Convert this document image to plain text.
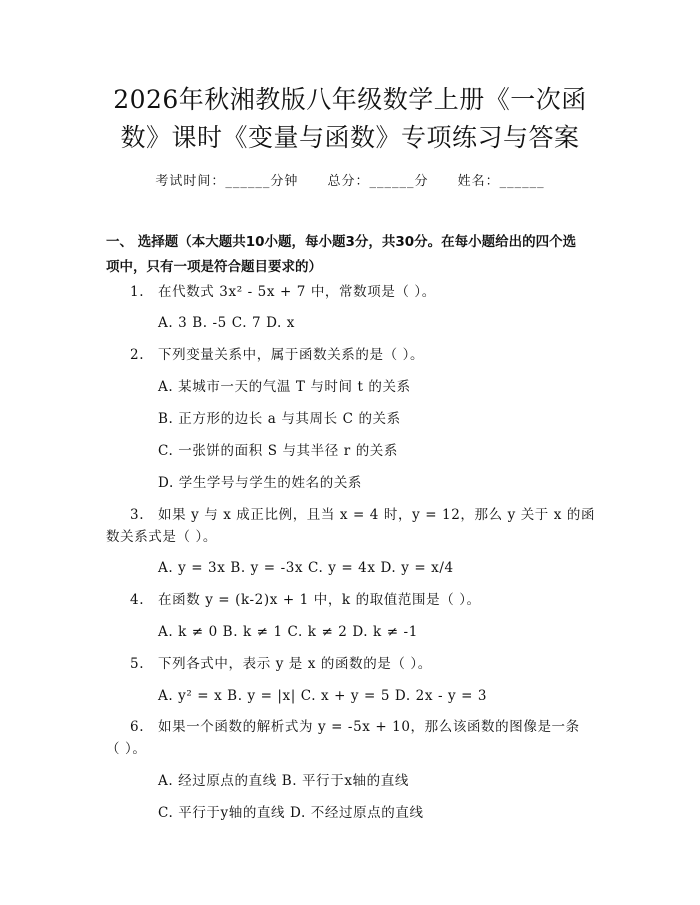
2026年秋湘教版八年级数学上册《一次函
数》课时《变量与函数》专项练习与答案
考试时间：______分钟 总分：______分 姓名：______
一、 选择题（本大题共10小题，每小题3分，共30分。在每小题给出的四个选
项中，只有一项是符合题目要求的）
1. 在代数式 3x² - 5x + 7 中，常数项是（ ）。
A. 3 B. -5 C. 7 D. x
2. 下列变量关系中，属于函数关系的是（ ）。
A. 某城市一天的气温 T 与时间 t 的关系
B. 正方形的边长 a 与其周长 C 的关系
C. 一张饼的面积 S 与其半径 r 的关系
D. 学生学号与学生的姓名的关系
3. 如果 y 与 x 成正比例，且当 x = 4 时，y = 12，那么 y 关于 x 的函
数关系式是（ ）。
A. y = 3x B. y = -3x C. y = 4x D. y = x/4
4. 在函数 y = (k-2)x + 1 中，k 的取值范围是（ ）。
A. k ≠ 0 B. k ≠ 1 C. k ≠ 2 D. k ≠ -1
5. 下列各式中，表示 y 是 x 的函数的是（ ）。
A. y² = x B. y = |x| C. x + y = 5 D. 2x - y = 3
6. 如果一个函数的解析式为 y = -5x + 10，那么该函数的图像是一条
（ ）。
A. 经过原点的直线 B. 平行于x轴的直线
C. 平行于y轴的直线 D. 不经过原点的直线
